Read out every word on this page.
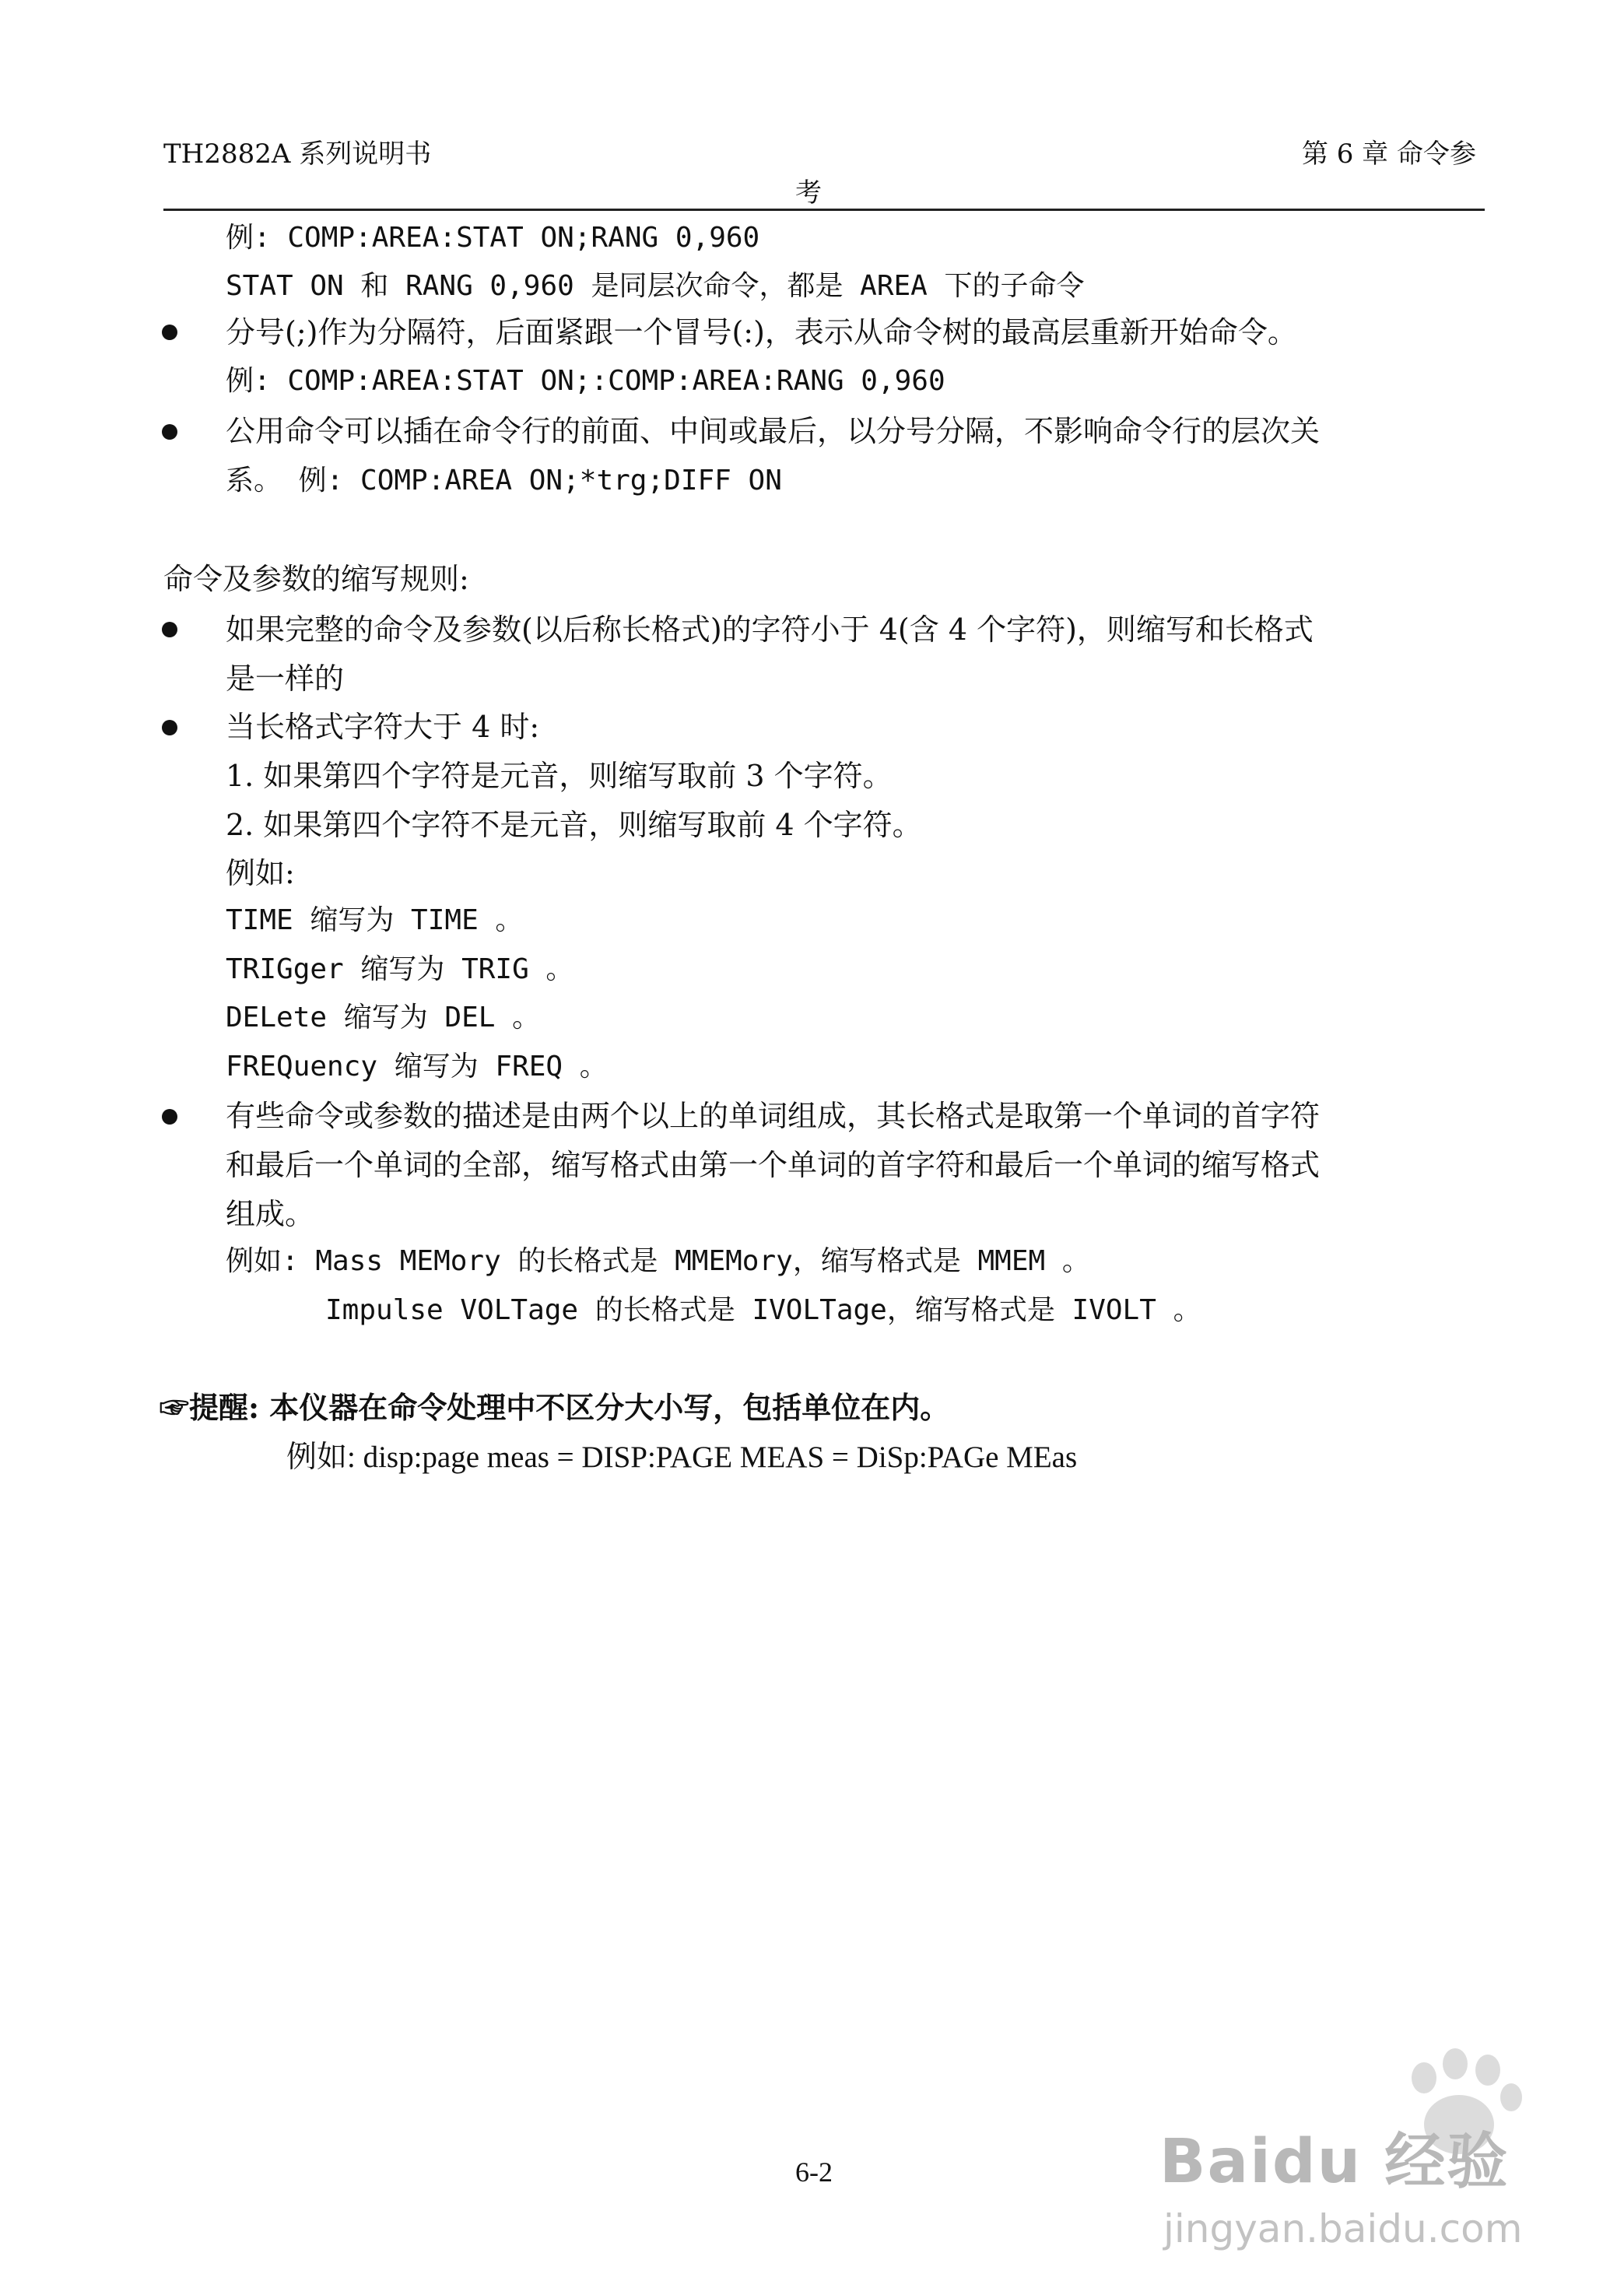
TH2882A 系列说明书	第 6 章 命令参
考
例: COMP:AREA:STAT ON;RANG 0,960
STAT ON 和 RANG 0,960 是同层次命令，都是 AREA 下的子命令
分号(;)作为分隔符，后面紧跟一个冒号(:)，表示从命令树的最高层重新开始命令。
例: COMP:AREA:STAT ON;:COMP:AREA:RANG 0,960
公用命令可以插在命令行的前面、中间或最后，以分号分隔，不影响命令行的层次关
系。 例: COMP:AREA ON;*trg;DIFF ON
命令及参数的缩写规则:
如果完整的命令及参数(以后称长格式)的字符小于 4(含 4 个字符)，则缩写和长格式
是一样的
当长格式字符大于 4 时:
1. 如果第四个字符是元音，则缩写取前 3 个字符。
2. 如果第四个字符不是元音，则缩写取前 4 个字符。
例如:
TIME 缩写为 TIME 。
TRIGger 缩写为 TRIG 。
DELete 缩写为 DEL 。
FREQuency 缩写为 FREQ 。
有些命令或参数的描述是由两个以上的单词组成，其长格式是取第一个单词的首字符
和最后一个单词的全部，缩写格式由第一个单词的首字符和最后一个单词的缩写格式
组成。
例如: Mass MEMory 的长格式是 MMEMory，缩写格式是 MMEM 。
Impulse VOLTage 的长格式是 IVOLTage，缩写格式是 IVOLT 。
☞提醒: 本仪器在命令处理中不区分大小写，包括单位在内。
例如: disp:page meas = DISP:PAGE MEAS = DiSp:PAGe MEas
6-2	Baidu 经验
jingyan.baidu.com
